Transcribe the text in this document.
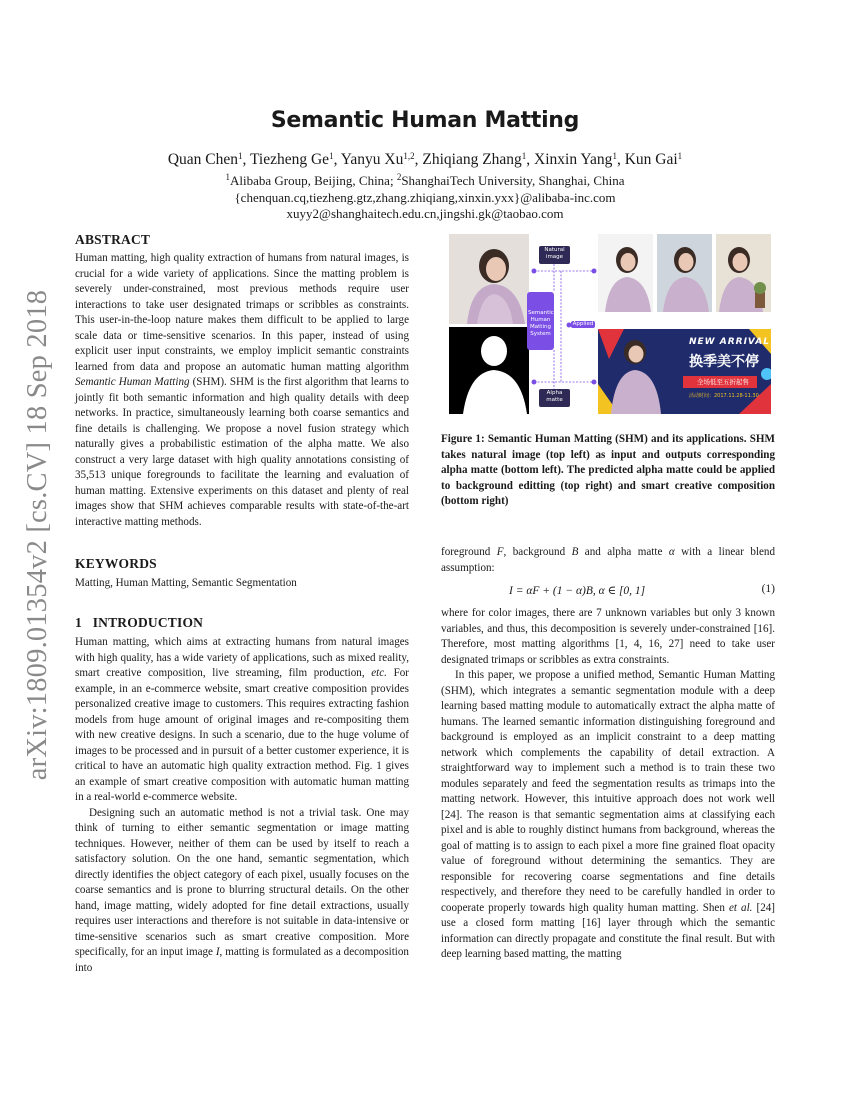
arXiv:1809.01354v2 [cs.CV] 18 Sep 2018
Semantic Human Matting
Quan Chen$^1$, Tiezheng Ge$^1$, Yanyu Xu$^{1,2}$, Zhiqiang Zhang$^1$, Xinxin Yang$^1$, Kun Gai$^1$
$^1$Alibaba Group, Beijing, China; $^2$ShanghaiTech University, Shanghai, China
{chenquan.cq,tiezheng.gtz,zhang.zhiqiang,xinxin.yxx}@alibaba-inc.com
xuyy2@shanghaitech.edu.cn,jingshi.gk@taobao.com
ABSTRACT

Human matting, high quality extraction of humans from natural images, is crucial for a wide variety of applications. Since the matting problem is severely under-constrained, most previous methods require user interactions to take user designated trimaps or scribbles as constraints. This user-in-the-loop nature makes them difficult to be applied to large scale data or time-sensitive scenarios. In this paper, instead of using explicit user input constraints, we employ implicit semantic constraints learned from data and propose an automatic human matting algorithm Semantic Human Matting (SHM). SHM is the first algorithm that learns to jointly fit both semantic information and high quality details with deep networks. In practice, simultaneously learning both coarse semantics and fine details is challenging. We propose a novel fusion strategy which naturally gives a probabilistic estimation of the alpha matte. We also construct a very large dataset with high quality annotations consisting of 35,513 unique foregrounds to facilitate the learning and evaluation of human matting. Extensive experiments on this dataset and plenty of real images show that SHM achieves comparable results with state-of-the-art interactive matting methods.

KEYWORDS
Matting, Human Matting, Semantic Segmentation
1 INTRODUCTION

Human matting, which aims at extracting humans from natural images with high quality, has a wide variety of applications, such as mixed reality, smart creative composition, live streaming, film production, etc. For example, in an e-commerce website, smart creative composition provides personalized creative image to customers. This requires extracting fashion models from huge amount of original images and re-compositing them with new creative designs. In such a scenario, due to the huge volume of images to be processed and in pursuit of a better customer experience, it is critical to have an automatic high quality extraction method. Fig. 1 gives an example of smart creative composition with automatic human matting in a real-world e-commerce website.

Designing such an automatic method is not a trivial task. One may think of turning to either semantic segmentation or image matting techniques. However, neither of them can be used by itself to reach a satisfactory solution. On the one hand, semantic segmentation, which directly identifies the object category of each pixel, usually focuses on the coarse semantics and is prone to blurring structural details. On the other hand, image matting, widely adopted for fine detail extractions, usually requires user interactions and therefore is not suitable in data-intensive or time-sensitive scenarios such as smart creative composition. More specifically, for an input image I, matting is formulated as a decomposition into

Natural image
Semantic Human Matting System
Applied
Alpha matte
NEW ARRIVAL
换季美不停
全场低至五折起售
活动时间：2017.11.28-11.30
Figure 1: Semantic Human Matting (SHM) and its applications. SHM takes natural image (top left) as input and outputs corresponding alpha matte (bottom left). The predicted alpha matte could be applied to background editting (top right) and smart creative composition (bottom right)
foreground F, background B and alpha matte α with a linear blend assumption:
I = αF + (1 − α)B, α ∈ [0, 1]	(1)

where for color images, there are 7 unknown variables but only 3 known variables, and thus, this decomposition is severely under-constrained [16]. Therefore, most matting algorithms [1, 4, 16, 27] need to take user designated trimaps or scribbles as extra constraints.

In this paper, we propose a unified method, Semantic Human Matting (SHM), which integrates a semantic segmentation module with a deep learning based matting module to automatically extract the alpha matte of humans. The learned semantic information distinguishing foreground and background is employed as an implicit constraint to a deep matting network which complements the capability of detail extraction. A straightforward way to implement such a method is to train these two modules separately and feed the segmentation results as trimaps into the matting network. However, this intuitive approach does not work well [24]. The reason is that semantic segmentation aims at classifying each pixel and is able to roughly distinct humans from background, whereas the goal of matting is to assign to each pixel a more fine grained float opacity value of foreground without determining the semantics. They are responsible for recovering coarse segmentations and fine details respectively, and therefore they need to be carefully handled in order to cooperate properly towards high quality human matting. Shen et al. [24] use a closed form matting [16] layer through which the semantic information can directly propagate and constitute the final result. But with deep learning based matting, the matting
